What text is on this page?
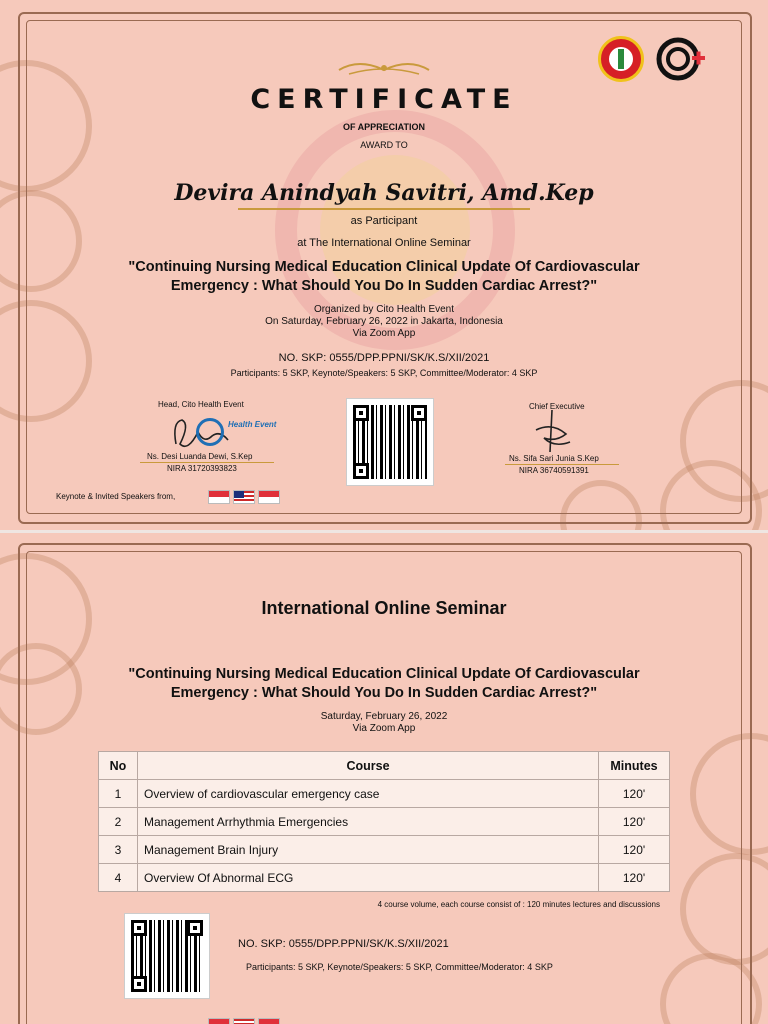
CERTIFICATE
OF APPRECIATION
AWARD TO
Devira Anindyah Savitri, Amd.Kep
as Participant
at The International Online Seminar
"Continuing Nursing Medical Education Clinical Update Of Cardiovascular
Emergency : What Should You Do In Sudden Cardiac Arrest?"
Organized by Cito Health Event
On Saturday, February 26, 2022 in Jakarta, Indonesia
Via Zoom App
NO. SKP: 0555/DPP.PPNI/SK/K.S/XII/2021
Participants: 5 SKP, Keynote/Speakers: 5 SKP, Committee/Moderator: 4 SKP
Head, Cito Health Event
Health Event
Ns. Desi Luanda Dewi, S.Kep
NIRA 31720393823
Chief Executive
Ns. Sifa Sari Junia S.Kep
NIRA 36740591391
Keynote & Invited Speakers from,
International Online Seminar
"Continuing Nursing Medical Education Clinical Update Of Cardiovascular
Emergency : What Should You Do In Sudden Cardiac Arrest?"
Saturday, February 26, 2022
Via Zoom App
No	Course	Minutes
1	Overview of cardiovascular emergency case	120'
2	Management Arrhythmia Emergencies	120'
3	Management Brain Injury	120'
4	Overview Of Abnormal ECG	120'
4 course volume, each course consist of : 120 minutes lectures and discussions
NO. SKP: 0555/DPP.PPNI/SK/K.S/XII/2021
Participants: 5 SKP, Keynote/Speakers: 5 SKP, Committee/Moderator: 4 SKP
